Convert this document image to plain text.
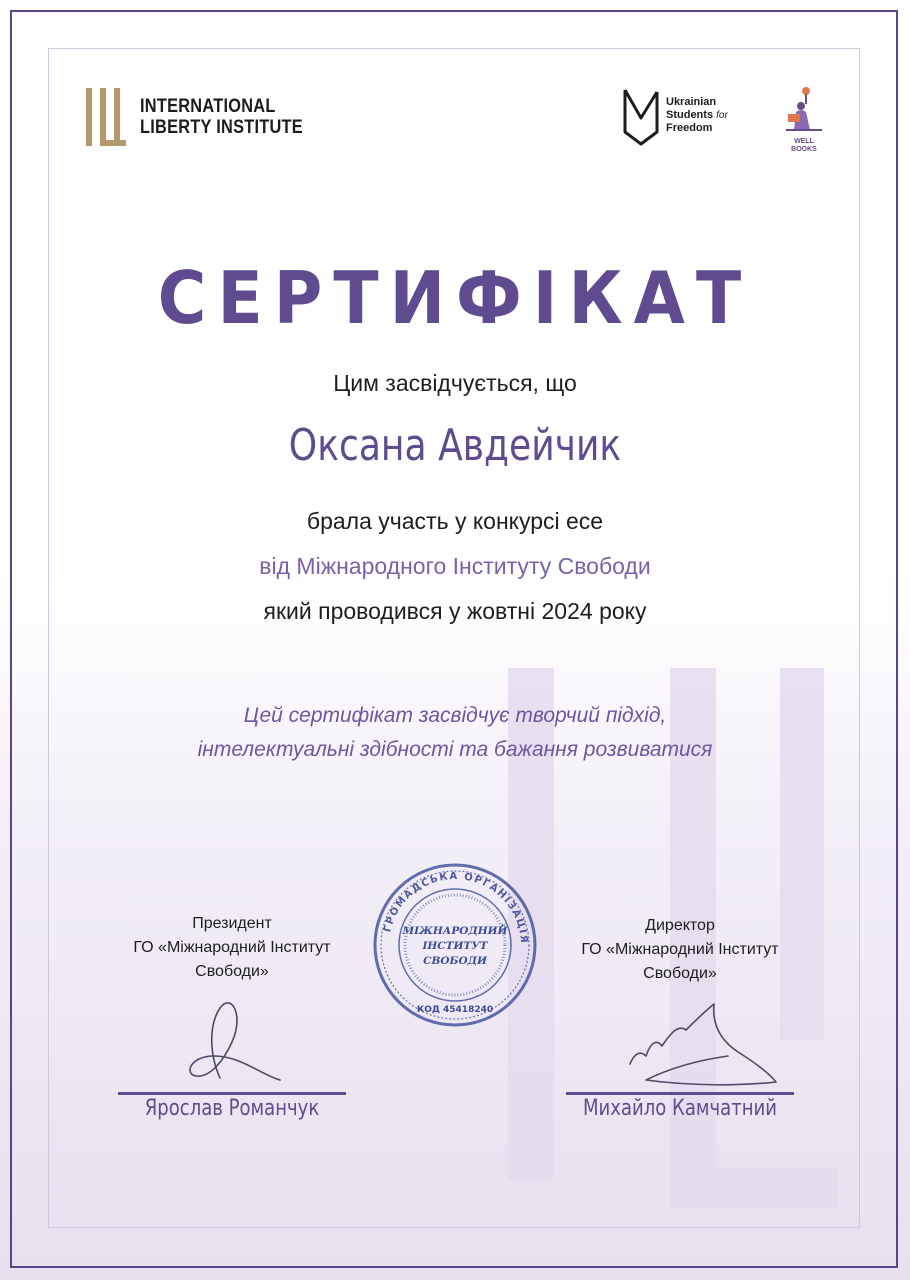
INTERNATIONAL
LIBERTY INSTITUTE
Ukrainian
Students for
Freedom
WELL
BOOKS
СЕРТИФІКАТ
Цим засвідчується, що
Оксана Авдейчик
брала участь у конкурсі есе
від Міжнародного Інституту Свободи
який проводився у жовтні 2024 року
Цей сертифікат засвідчує творчий підхід,
інтелектуальні здібності та бажання розвиватися
Президент
ГО «Міжнародний Інститут
Свободи»
Ярослав Романчук
Директор
ГО «Міжнародний Інститут
Свободи»
Михайло Камчатний
ГРОМАДСЬКА ОРГАНІЗАЦІЯ
МІЖНАРОДНИЙ
ІНСТИТУТ
СВОБОДИ
КОД 45418240
